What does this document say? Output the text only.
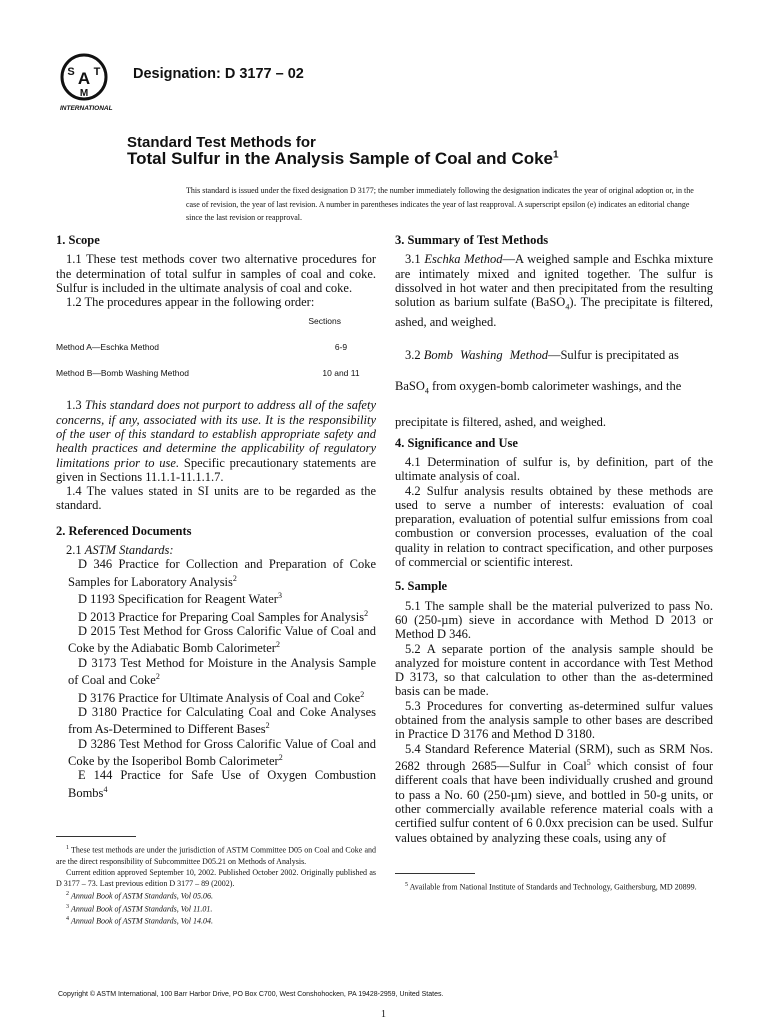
A
S T
M
INTERNATIONAL
Designation: D 3177 – 02
Standard Test Methods for
Total Sulfur in the Analysis Sample of Coal and Coke$^1$
This standard is issued under the fixed designation D 3177; the number immediately following the designation indicates the year of original adoption or, in the case of revision, the year of last revision. A number in parentheses indicates the year of last reapproval. A superscript epsilon (e) indicates an editorial change since the last revision or reapproval.
1. Scope

1.1 These test methods cover two alternative procedures for the determination of total sulfur in samples of coal and coke. Sulfur is included in the ultimate analysis of coal and coke.

1.2 The procedures appear in the following order:

Sections
Method A—Eschka Method	6-9
Method B—Bomb Washing Method	10 and 11

1.3 This standard does not purport to address all of the safety concerns, if any, associated with its use. It is the responsibility of the user of this standard to establish appropriate safety and health practices and determine the applicability of regulatory limitations prior to use. Specific precautionary statements are given in Sections 11.1.1-11.1.1.7.

1.4 The values stated in SI units are to be regarded as the standard.

2. Referenced Documents

2.1 ASTM Standards:

D 346 Practice for Collection and Preparation of Coke Samples for Laboratory Analysis$^2$

D 1193 Specification for Reagent Water$^3$

D 2013 Practice for Preparing Coal Samples for Analysis$^2$

D 2015 Test Method for Gross Calorific Value of Coal and Coke by the Adiabatic Bomb Calorimeter$^2$

D 3173 Test Method for Moisture in the Analysis Sample of Coal and Coke$^2$

D 3176 Practice for Ultimate Analysis of Coal and Coke$^2$

D 3180 Practice for Calculating Coal and Coke Analyses from As-Determined to Different Bases$^2$

D 3286 Test Method for Gross Calorific Value of Coal and Coke by the Isoperibol Bomb Calorimeter$^2$

E 144 Practice for Safe Use of Oxygen Combustion Bombs$^4$

$^1$ These test methods are under the jurisdiction of ASTM Committee D05 on Coal and Coke and are the direct responsibility of Subcommittee D05.21 on Methods of Analysis.

Current edition approved September 10, 2002. Published October 2002. Originally published as D 3177 – 73. Last previous edition D 3177 – 89 (2002).

$^2$ Annual Book of ASTM Standards, Vol 05.06.

$^3$ Annual Book of ASTM Standards, Vol 11.01.

$^4$ Annual Book of ASTM Standards, Vol 14.04.

3. Summary of Test Methods

3.1 Eschka Method—A weighed sample and Eschka mixture are intimately mixed and ignited together. The sulfur is dissolved in hot water and then precipitated from the resulting solution as barium sulfate (BaSO$_4$). The precipitate is filtered, ashed, and weighed.

3.2 Bomb Washing Method—Sulfur is precipitated as

BaSO$_4$ from oxygen-bomb calorimeter washings, and the

precipitate is filtered, ashed, and weighed.

4. Significance and Use

4.1 Determination of sulfur is, by definition, part of the ultimate analysis of coal.

4.2 Sulfur analysis results obtained by these methods are used to serve a number of interests: evaluation of coal preparation, evaluation of potential sulfur emissions from coal combustion or conversion processes, evaluation of the coal quality in relation to contract specification, and other purposes of commercial or scientific interest.

5. Sample

5.1 The sample shall be the material pulverized to pass No. 60 (250-µm) sieve in accordance with Method D 2013 or Method D 346.

5.2 A separate portion of the analysis sample should be analyzed for moisture content in accordance with Test Method D 3173, so that calculation to other than the as-determined basis can be made.

5.3 Procedures for converting as-determined sulfur values obtained from the analysis sample to other bases are described in Practice D 3176 and Method D 3180.

5.4 Standard Reference Material (SRM), such as SRM Nos. 2682 through 2685—Sulfur in Coal$^5$ which consist of four different coals that have been individually crushed and ground to pass a No. 60 (250-µm) sieve, and bottled in 50-g units, or other commercially available reference material coals with a certified sulfur content of 6 0.0xx precision can be used. Sulfur values obtained by analyzing these coals, using any of

$^5$ Available from National Institute of Standards and Technology, Gaithersburg, MD 20899.

Copyright © ASTM International, 100 Barr Harbor Drive, PO Box C700, West Conshohocken, PA 19428-2959, United States.
1
